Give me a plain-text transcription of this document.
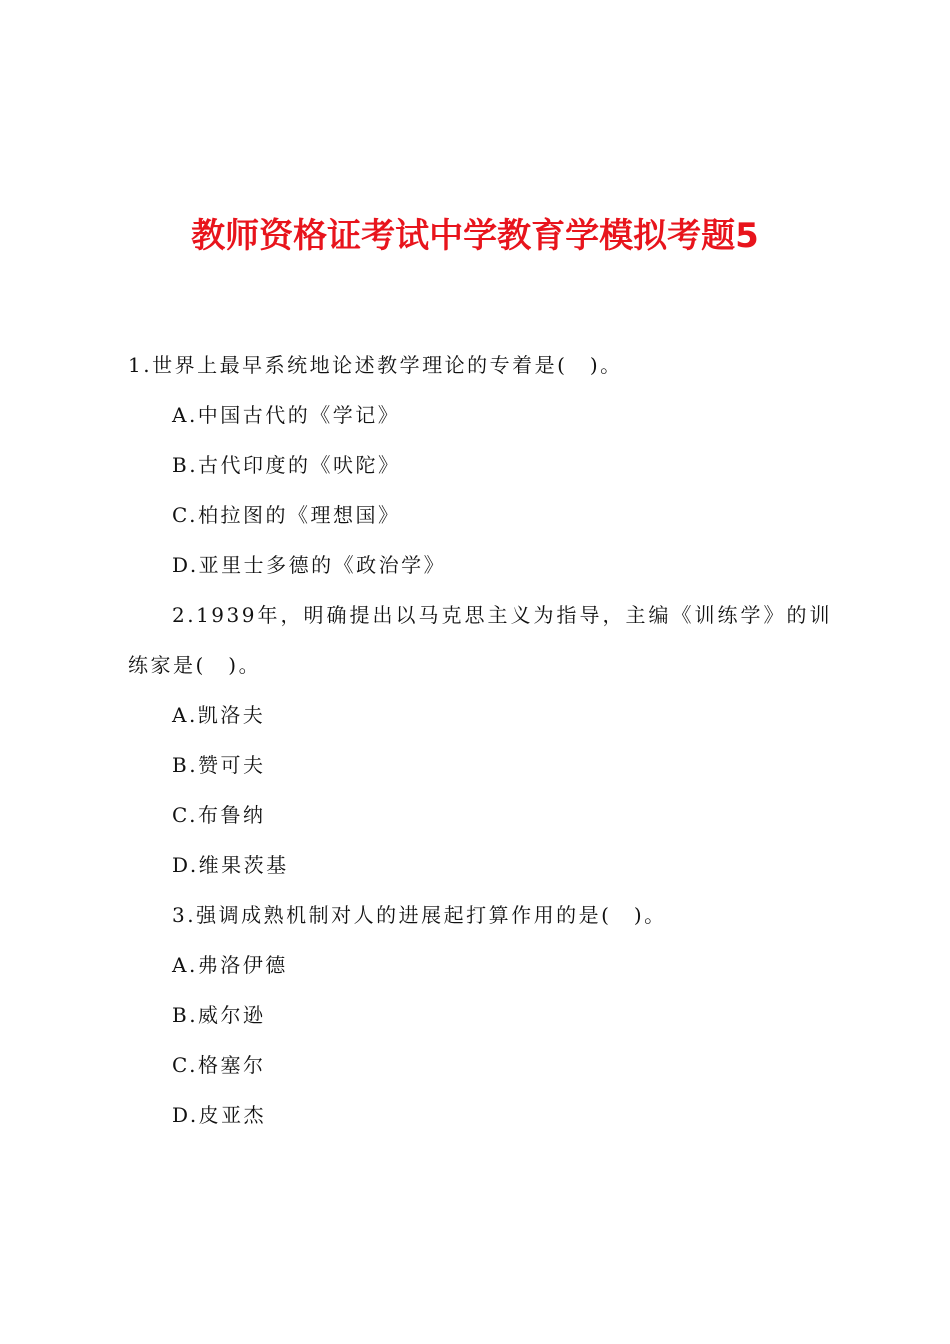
教师资格证考试中学教育学模拟考题5
1.世界上最早系统地论述教学理论的专着是(　)。
A.中国古代的《学记》
B.古代印度的《吠陀》
C.柏拉图的《理想国》
D.亚里士多德的《政治学》
2.1939年，明确提出以马克思主义为指导，主编《训练学》的训练家是(　)。
A.凯洛夫
B.赞可夫
C.布鲁纳
D.维果茨基
3.强调成熟机制对人的进展起打算作用的是(　)。
A.弗洛伊德
B.威尔逊
C.格塞尔
D.皮亚杰
